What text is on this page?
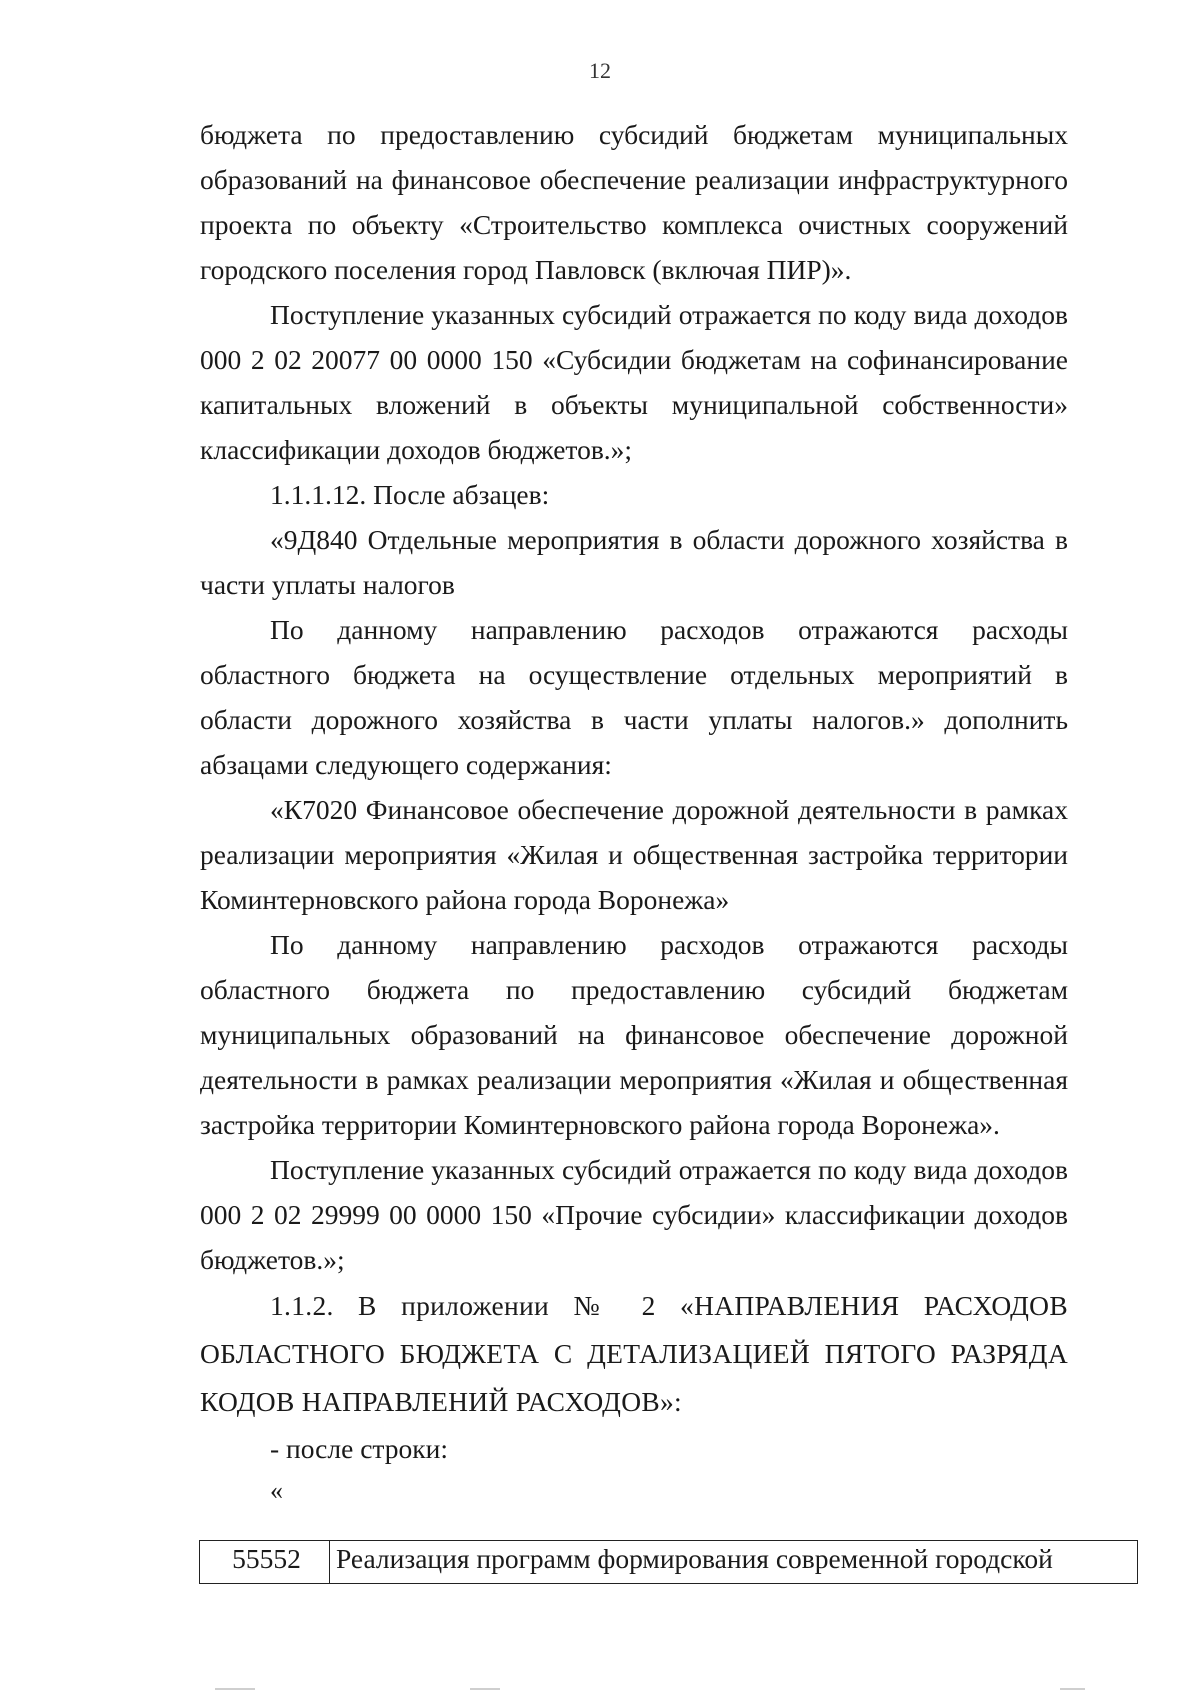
12

бюджета по предоставлению субсидий бюджетам муниципальных образований на финансовое обеспечение реализации инфраструктурного проекта по объекту «Строительство комплекса очистных сооружений городского поселения город Павловск (включая ПИР)».

Поступление указанных субсидий отражается по коду вида доходов 000 2 02 20077 00 0000 150 «Субсидии бюджетам на софинансирование капитальных вложений в объекты муниципальной собственности» классификации доходов бюджетов.»;

1.1.1.12. После абзацев:

«9Д840 Отдельные мероприятия в области дорожного хозяйства в части уплаты налогов

По данному направлению расходов отражаются расходы областного бюджета на осуществление отдельных мероприятий в области дорожного хозяйства в части уплаты налогов.» дополнить абзацами следующего содержания:

«К7020 Финансовое обеспечение дорожной деятельности в рамках реализации мероприятия «Жилая и общественная застройка территории Коминтерновского района города Воронежа»

По данному направлению расходов отражаются расходы областного бюджета по предоставлению субсидий бюджетам муниципальных образований на финансовое обеспечение дорожной деятельности в рамках реализации мероприятия «Жилая и общественная застройка территории Коминтерновского района города Воронежа».

Поступление указанных субсидий отражается по коду вида доходов 000 2 02 29999 00 0000 150 «Прочие субсидии» классификации доходов бюджетов.»;

1.1.2. В приложении № 2 «НАПРАВЛЕНИЯ РАСХОДОВ ОБЛАСТНОГО БЮДЖЕТА С ДЕТАЛИЗАЦИЕЙ ПЯТОГО РАЗРЯДА КОДОВ НАПРАВЛЕНИЙ РАСХОДОВ»:

- после строки:

«

55552	Реализация программ формирования современной городской
